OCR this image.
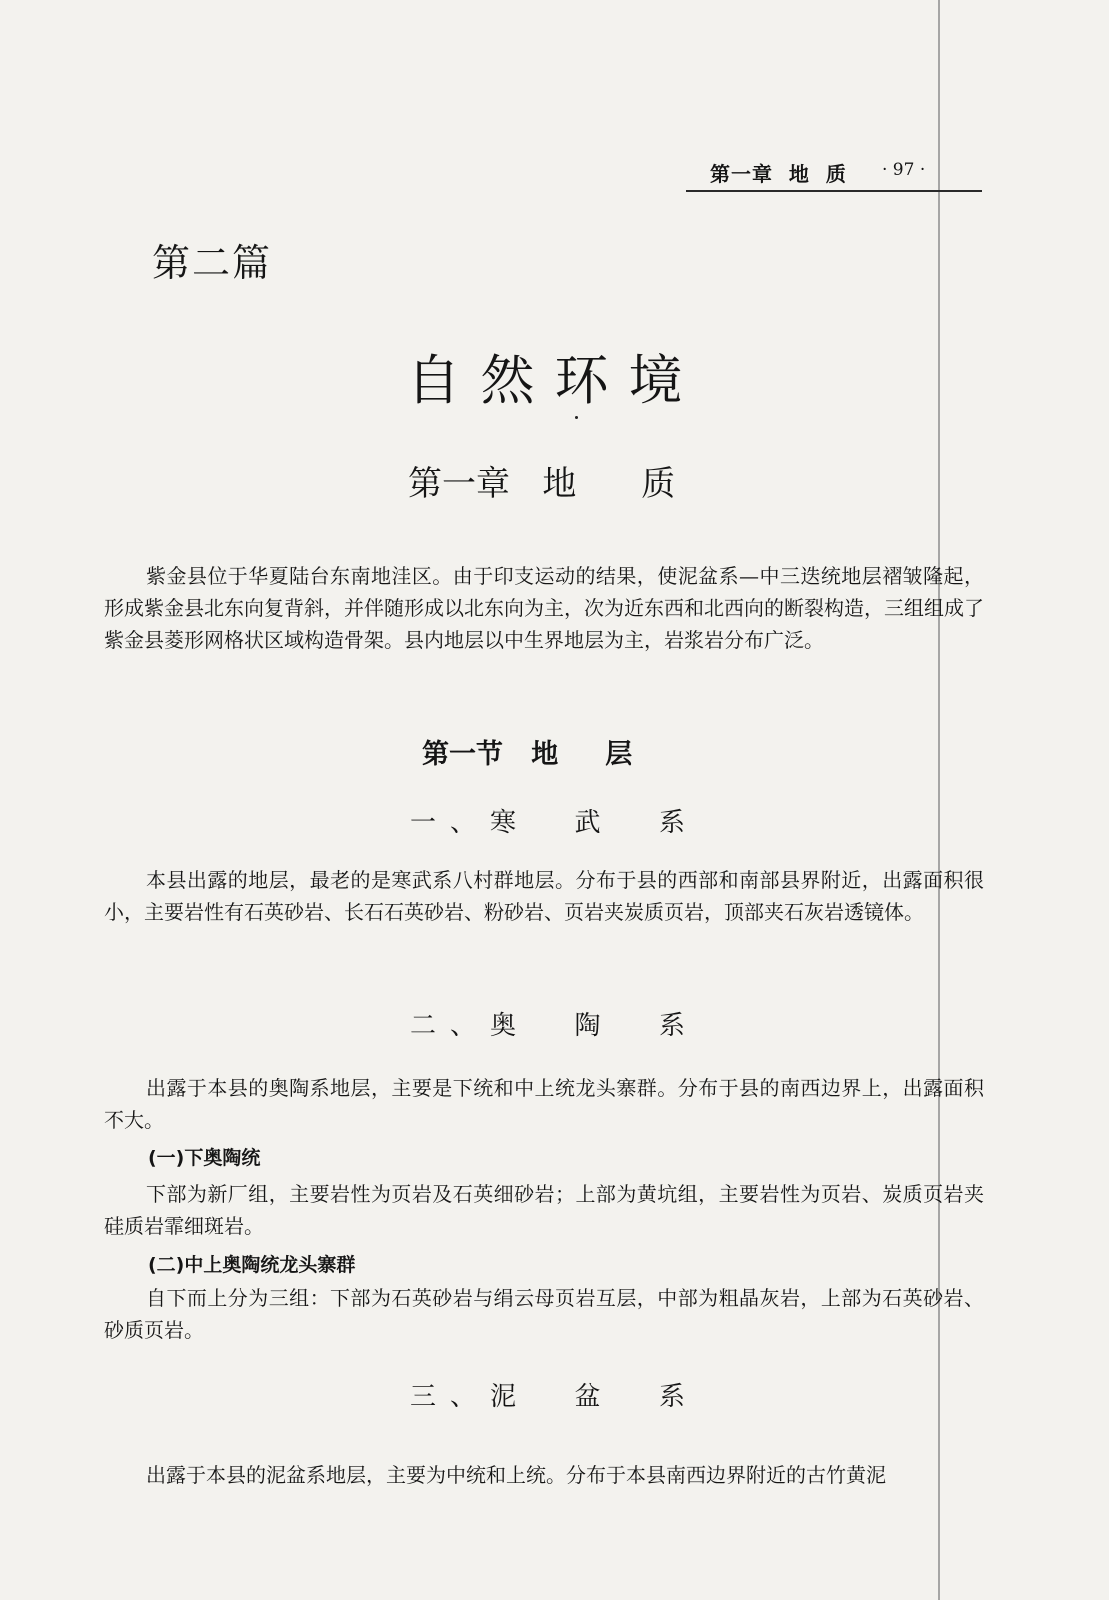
第一章  地  质 · 97 ·
第二篇
自然环境
第一章   地      质

紫金县位于华夏陆台东南地洼区。由于印支运动的结果，使泥盆系—中三迭统地层褶皱隆起，形成紫金县北东向复背斜，并伴随形成以北东向为主，次为近东西和北西向的断裂构造，三组组成了紫金县菱形网格状区域构造骨架。县内地层以中生界地层为主，岩浆岩分布广泛。

第一节   地     层
一、寒  武  系

本县出露的地层，最老的是寒武系八村群地层。分布于县的西部和南部县界附近，出露面积很小，主要岩性有石英砂岩、长石石英砂岩、粉砂岩、页岩夹炭质页岩，顶部夹石灰岩透镜体。

二、奥  陶  系

出露于本县的奥陶系地层，主要是下统和中上统龙头寨群。分布于县的南西边界上，出露面积不大。

(一)下奥陶统

下部为新厂组，主要岩性为页岩及石英细砂岩；上部为黄坑组，主要岩性为页岩、炭质页岩夹硅质岩霏细斑岩。

(二)中上奥陶统龙头寨群

自下而上分为三组：下部为石英砂岩与绢云母页岩互层，中部为粗晶灰岩，上部为石英砂岩、砂质页岩。

三、泥  盆  系

出露于本县的泥盆系地层，主要为中统和上统。分布于本县南西边界附近的古竹黄泥
